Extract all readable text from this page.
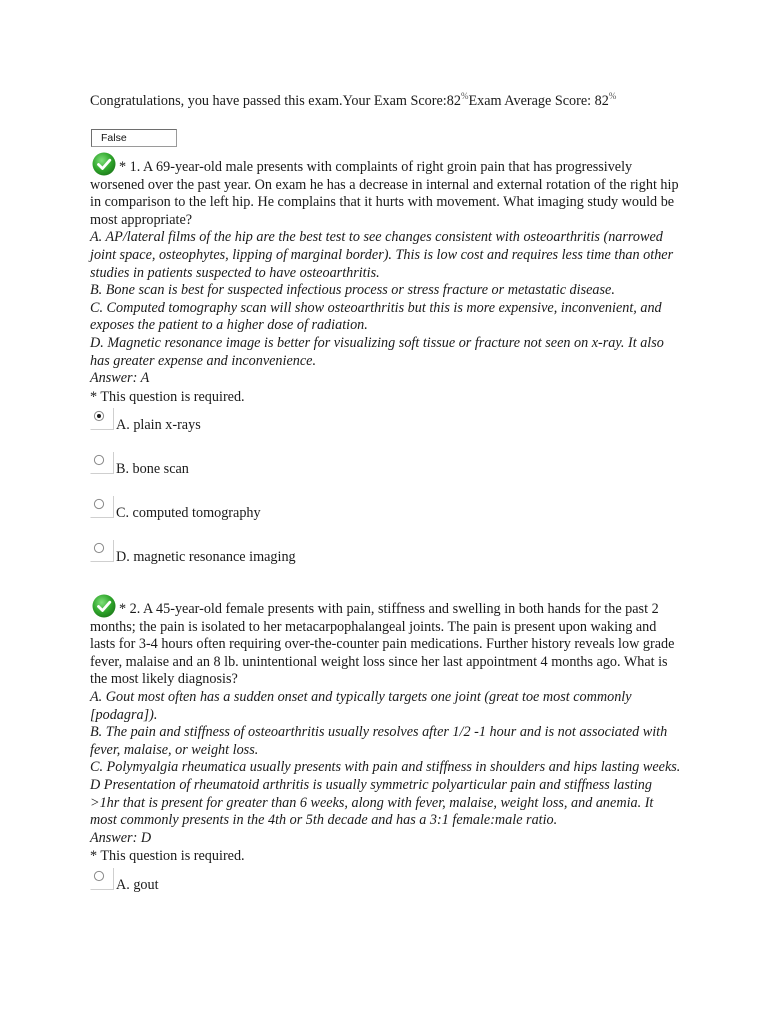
Congratulations, you have passed this exam.Your Exam Score:82%Exam Average Score: 82%
False
* 1. A 69-year-old male presents with complaints of right groin pain that has progressively worsened over the past year. On exam he has a decrease in internal and external rotation of the right hip in comparison to the left hip. He complains that it hurts with movement. What imaging study would be most appropriate?
A. AP/lateral films of the hip are the best test to see changes consistent with osteoarthritis (narrowed joint space, osteophytes, lipping of marginal border). This is low cost and requires less time than other studies in patients suspected to have osteoarthritis.
B. Bone scan is best for suspected infectious process or stress fracture or metastatic disease.
C. Computed tomography scan will show osteoarthritis but this is more expensive, inconvenient, and exposes the patient to a higher dose of radiation.
D. Magnetic resonance image is better for visualizing soft tissue or fracture not seen on x-ray. It also has greater expense and inconvenience.
Answer: A
* This question is required.
A. plain x-rays
B. bone scan
C. computed tomography
D. magnetic resonance imaging
* 2. A 45-year-old female presents with pain, stiffness and swelling in both hands for the past 2 months; the pain is isolated to her metacarpophalangeal joints. The pain is present upon waking and lasts for 3-4 hours often requiring over-the-counter pain medications. Further history reveals low grade fever, malaise and an 8 lb. unintentional weight loss since her last appointment 4 months ago. What is the most likely diagnosis?
A. Gout most often has a sudden onset and typically targets one joint (great toe most commonly [podagra]).
B. The pain and stiffness of osteoarthritis usually resolves after 1/2 -1 hour and is not associated with fever, malaise, or weight loss.
C. Polymyalgia rheumatica usually presents with pain and stiffness in shoulders and hips lasting weeks.
D Presentation of rheumatoid arthritis is usually symmetric polyarticular pain and stiffness lasting >1hr that is present for greater than 6 weeks, along with fever, malaise, weight loss, and anemia. It most commonly presents in the 4th or 5th decade and has a 3:1 female:male ratio.
Answer: D
* This question is required.
A. gout
